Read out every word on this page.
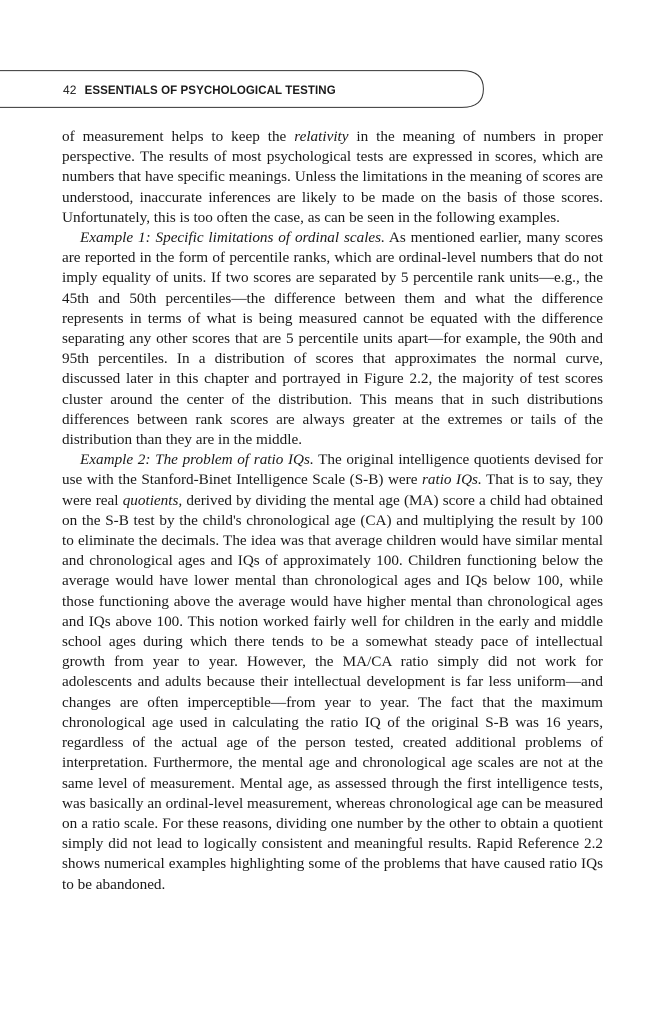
42 ESSENTIALS OF PSYCHOLOGICAL TESTING

of measurement helps to keep the relativity in the meaning of numbers in proper perspective. The results of most psychological tests are expressed in scores, which are numbers that have specific meanings. Unless the limitations in the meaning of scores are understood, inaccurate inferences are likely to be made on the basis of those scores. Unfortunately, this is too often the case, as can be seen in the following examples.

Example 1: Specific limitations of ordinal scales. As mentioned earlier, many scores are reported in the form of percentile ranks, which are ordinal-level numbers that do not imply equality of units. If two scores are separated by 5 percentile rank units—e.g., the 45th and 50th percentiles—the difference between them and what the difference represents in terms of what is being measured cannot be equated with the difference separating any other scores that are 5 percentile units apart—for example, the 90th and 95th percentiles. In a distribution of scores that approximates the normal curve, discussed later in this chapter and portrayed in Figure 2.2, the majority of test scores cluster around the center of the distribution. This means that in such distributions differences between rank scores are always greater at the extremes or tails of the distribution than they are in the middle.

Example 2: The problem of ratio IQs. The original intelligence quotients devised for use with the Stanford-Binet Intelligence Scale (S-B) were ratio IQs. That is to say, they were real quotients, derived by dividing the mental age (MA) score a child had obtained on the S-B test by the child's chronological age (CA) and multiplying the result by 100 to eliminate the decimals. The idea was that average children would have similar mental and chronological ages and IQs of approximately 100. Children functioning below the average would have lower mental than chronological ages and IQs below 100, while those functioning above the average would have higher mental than chronological ages and IQs above 100. This notion worked fairly well for children in the early and middle school ages during which there tends to be a somewhat steady pace of intellectual growth from year to year. However, the MA/CA ratio simply did not work for adolescents and adults because their intellectual development is far less uniform—and changes are often imperceptible—from year to year. The fact that the maximum chronological age used in calculating the ratio IQ of the original S-B was 16 years, regardless of the actual age of the person tested, created additional problems of interpretation. Furthermore, the mental age and chronological age scales are not at the same level of measurement. Mental age, as assessed through the first intelligence tests, was basically an ordinal-level measurement, whereas chronological age can be measured on a ratio scale. For these reasons, dividing one number by the other to obtain a quotient simply did not lead to logically consistent and meaningful results. Rapid Reference 2.2 shows numerical examples highlighting some of the problems that have caused ratio IQs to be abandoned.
